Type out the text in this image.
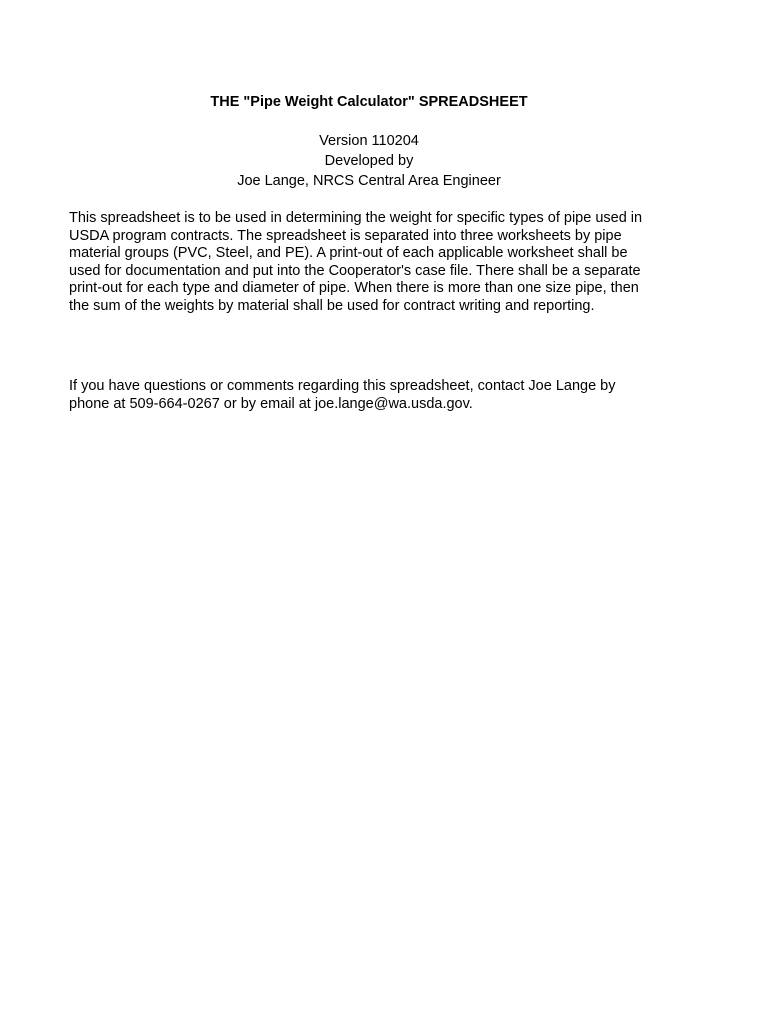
THE "Pipe Weight Calculator" SPREADSHEET
Version 110204
Developed by
Joe Lange, NRCS Central Area Engineer
This spreadsheet is to be used in determining the weight for specific types of pipe used in
USDA program contracts. The spreadsheet is separated into three worksheets by pipe
material groups (PVC, Steel, and PE). A print-out of each applicable worksheet shall be
used for documentation and put into the Cooperator's case file. There shall be a separate
print-out for each type and diameter of pipe. When there is more than one size pipe, then
the sum of the weights by material shall be used for contract writing and reporting.
If you have questions or comments regarding this spreadsheet, contact Joe Lange by
phone at 509-664-0267 or by email at joe.lange@wa.usda.gov.
